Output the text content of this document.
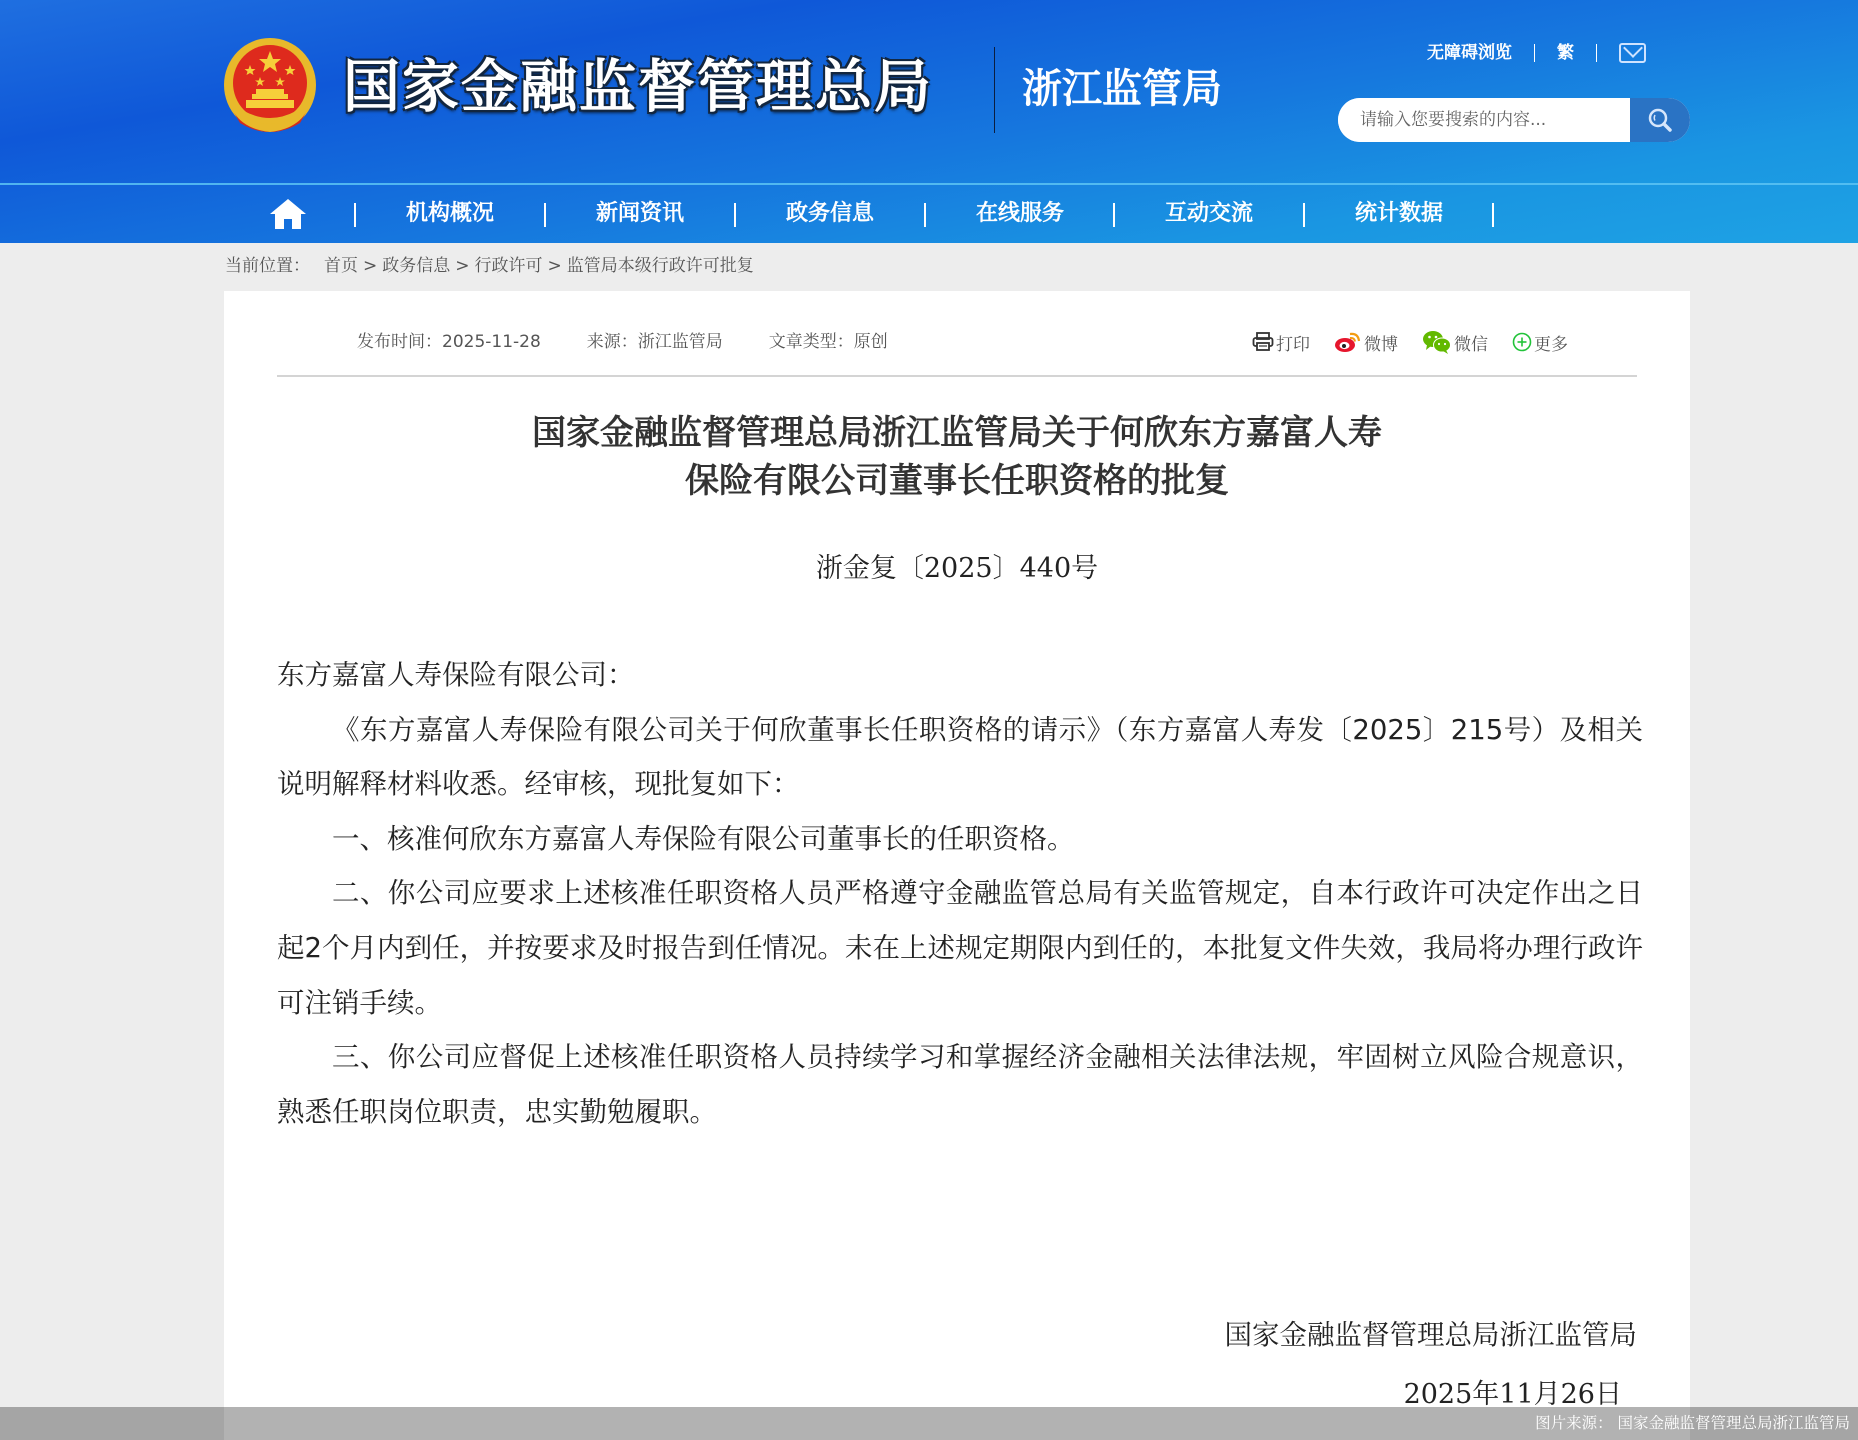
国家金融监督管理总局 浙江监管局
无障碍浏览	繁
请输入您要搜索的内容...
机构概况	新闻资讯	政务信息	在线服务	互动交流	统计数据
当前位置： 首页 > 政务信息 > 行政许可 > 监管局本级行政许可批复
发布时间：2025-11-28	来源：浙江监管局	文章类型：原创	打印	微博	微信	更多
国家金融监督管理总局浙江监管局关于何欣东方嘉富人寿
保险有限公司董事长任职资格的批复
浙金复〔2025〕440号

东方嘉富人寿保险有限公司：

《东方嘉富人寿保险有限公司关于何欣董事长任职资格的请示》（东方嘉富人寿发〔2025〕215号）及相关说明解释材料收悉。经审核，现批复如下：

一、核准何欣东方嘉富人寿保险有限公司董事长的任职资格。

二、你公司应要求上述核准任职资格人员严格遵守金融监管总局有关监管规定，自本行政许可决定作出之日起2个月内到任，并按要求及时报告到任情况。未在上述规定期限内到任的，本批复文件失效，我局将办理行政许可注销手续。

三、你公司应督促上述核准任职资格人员持续学习和掌握经济金融相关法律法规，牢固树立风险合规意识，熟悉任职岗位职责，忠实勤勉履职。

国家金融监督管理总局浙江监管局
2025年11月26日
图片来源： 国家金融监督管理总局浙江监管局
